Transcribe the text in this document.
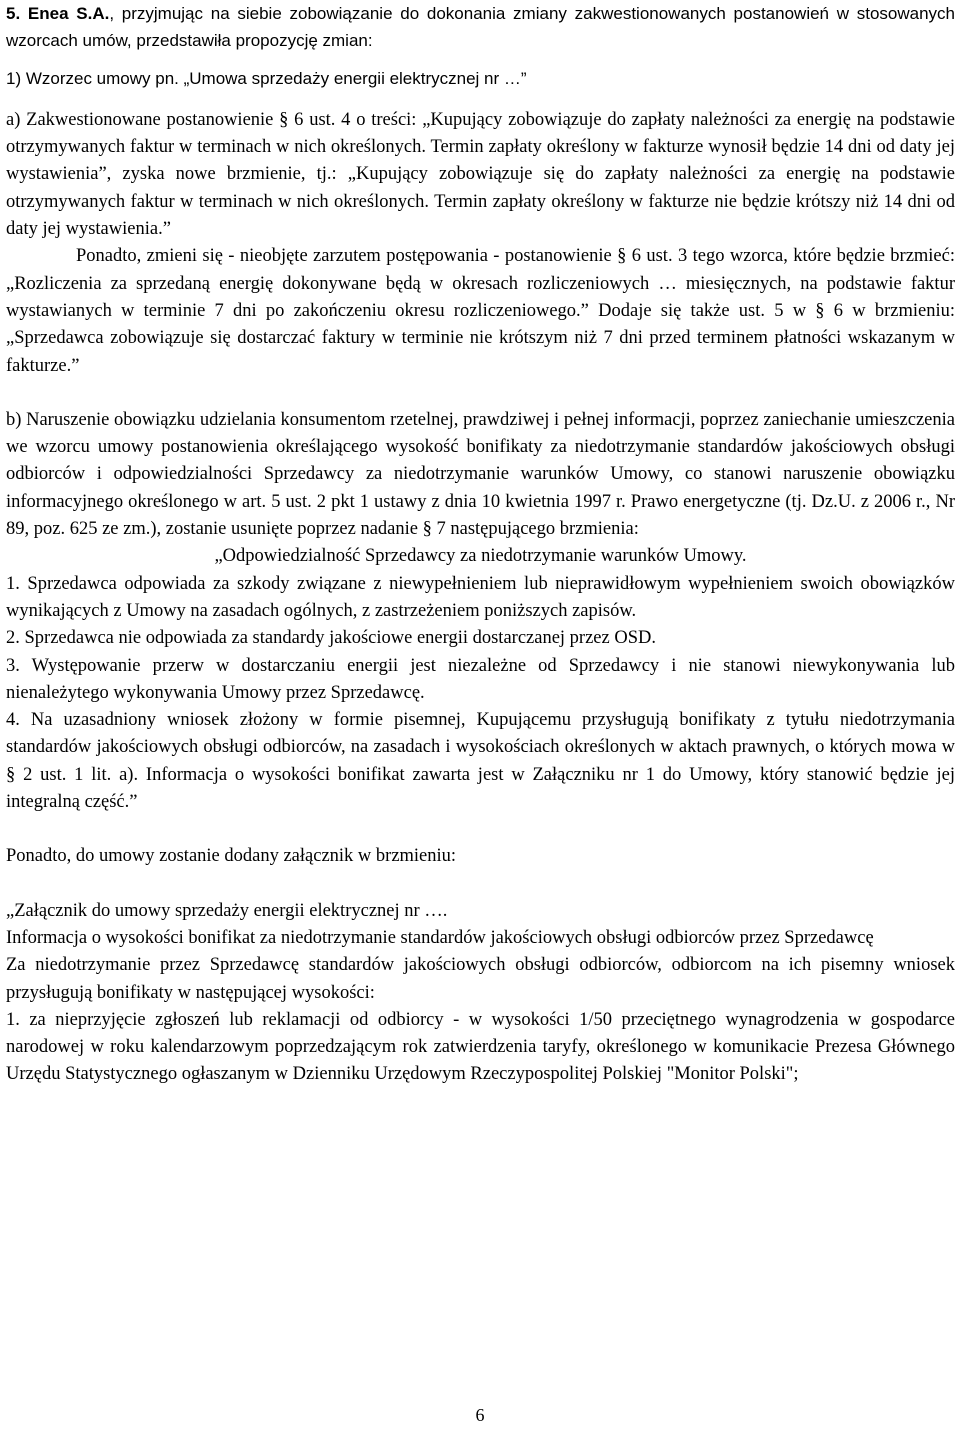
5. Enea S.A., przyjmując na siebie zobowiązanie do dokonania zmiany zakwestionowanych postanowień w stosowanych wzorcach umów, przedstawiła propozycję zmian:

1) Wzorzec umowy pn. „Umowa sprzedaży energii elektrycznej nr …”

a) Zakwestionowane postanowienie § 6 ust. 4 o treści: „Kupujący zobowiązuje do zapłaty należności za energię na podstawie otrzymywanych faktur w terminach w nich określonych. Termin zapłaty określony w fakturze wynosił będzie 14 dni od daty jej wystawienia”, zyska nowe brzmienie, tj.: „Kupujący zobowiązuje się do zapłaty należności za energię na podstawie otrzymywanych faktur w terminach w nich określonych. Termin zapłaty określony w fakturze nie będzie krótszy niż 14 dni od daty jej wystawienia.”

Ponadto, zmieni się - nieobjęte zarzutem postępowania - postanowienie § 6 ust. 3 tego wzorca, które będzie brzmieć: „Rozliczenia za sprzedaną energię dokonywane będą w okresach rozliczeniowych … miesięcznych, na podstawie faktur wystawianych w terminie 7 dni po zakończeniu okresu rozliczeniowego.” Dodaje się także ust. 5 w § 6 w brzmieniu: „Sprzedawca zobowiązuje się dostarczać faktury w terminie nie krótszym niż 7 dni przed terminem płatności wskazanym w fakturze.”

b) Naruszenie obowiązku udzielania konsumentom rzetelnej, prawdziwej i pełnej informacji, poprzez zaniechanie umieszczenia we wzorcu umowy postanowienia określającego wysokość bonifikaty za niedotrzymanie standardów jakościowych obsługi odbiorców i odpowiedzialności Sprzedawcy za niedotrzymanie warunków Umowy, co stanowi naruszenie obowiązku informacyjnego określonego w art. 5 ust. 2 pkt 1 ustawy z dnia 10 kwietnia 1997 r. Prawo energetyczne (tj. Dz.U. z 2006 r., Nr 89, poz. 625 ze zm.), zostanie usunięte poprzez nadanie § 7 następującego brzmienia:

„Odpowiedzialność Sprzedawcy za niedotrzymanie warunków Umowy.

1. Sprzedawca odpowiada za szkody związane z niewypełnieniem lub nieprawidłowym wypełnieniem swoich obowiązków wynikających z Umowy na zasadach ogólnych, z zastrzeżeniem poniższych zapisów.

2. Sprzedawca nie odpowiada za standardy jakościowe energii dostarczanej przez OSD.

3. Występowanie przerw w dostarczaniu energii jest niezależne od Sprzedawcy i nie stanowi niewykonywania lub nienależytego wykonywania Umowy przez Sprzedawcę.

4. Na uzasadniony wniosek złożony w formie pisemnej, Kupującemu przysługują bonifikaty z tytułu niedotrzymania standardów jakościowych obsługi odbiorców, na zasadach i wysokościach określonych w aktach prawnych, o których mowa w § 2 ust. 1 lit. a). Informacja o wysokości bonifikat zawarta jest w Załączniku nr 1 do Umowy, który stanowić będzie jej integralną część.”

Ponadto, do umowy zostanie dodany załącznik w brzmieniu:

„Załącznik do umowy sprzedaży energii elektrycznej nr ….

Informacja o wysokości bonifikat za niedotrzymanie standardów jakościowych obsługi odbiorców przez Sprzedawcę

Za niedotrzymanie przez Sprzedawcę standardów jakościowych obsługi odbiorców, odbiorcom na ich pisemny wniosek przysługują bonifikaty w następującej wysokości:

1. za nieprzyjęcie zgłoszeń lub reklamacji od odbiorcy - w wysokości 1/50 przeciętnego wynagrodzenia w gospodarce narodowej w roku kalendarzowym poprzedzającym rok zatwierdzenia taryfy, określonego w komunikacie Prezesa Głównego Urzędu Statystycznego ogłaszanym w Dzienniku Urzędowym Rzeczypospolitej Polskiej "Monitor Polski";

6
